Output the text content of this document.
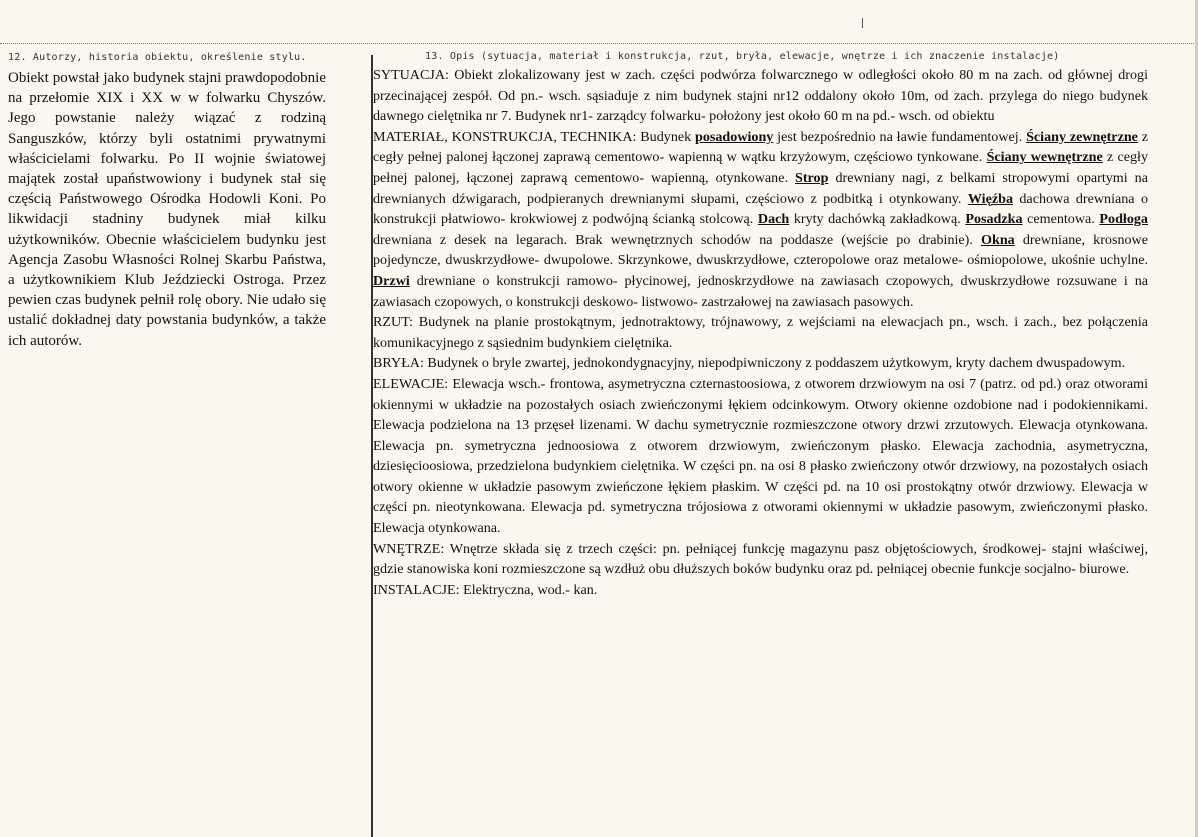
12. Autorzy, historia obiektu, określenie stylu.
Obiekt powstał jako budynek stajni prawdopodobnie na przełomie XIX i XX w w folwarku Chyszów. Jego powstanie należy wiązać z rodziną Sanguszków, którzy byli ostatnimi prywatnymi właścicielami folwarku. Po II wojnie światowej majątek został upaństwowiony i budynek stał się częścią Państwowego Ośrodka Hodowli Koni. Po likwidacji stadniny budynek miał kilku użytkowników. Obecnie właścicielem budynku jest Agencja Zasobu Własności Rolnej Skarbu Państwa, a użytkownikiem Klub Jeździecki Ostroga. Przez pewien czas budynek pełnił rolę obory. Nie udało się ustalić dokładnej daty powstania budynków, a także ich autorów.
13. Opis (sytuacja, materiał i konstrukcja, rzut, bryła, elewacje, wnętrze i ich znaczenie instalacje)

SYTUACJA: Obiekt zlokalizowany jest w zach. części podwórza folwarcznego w odległości około 80 m na zach. od głównej drogi przecinającej zespół. Od pn.- wsch. sąsiaduje z nim budynek stajni nr12 oddalony około 10m, od zach. przylega do niego budynek dawnego cielętnika nr 7. Budynek nr1- zarządcy folwarku- położony jest około 60 m na pd.- wsch. od obiektu

MATERIAŁ, KONSTRUKCJA, TECHNIKA: Budynek posadowiony jest bezpośrednio na ławie fundamentowej. Ściany zewnętrzne z cegły pełnej palonej łączonej zaprawą cementowo- wapienną w wątku krzyżowym, częściowo tynkowane. Ściany wewnętrzne z cegły pełnej palonej, łączonej zaprawą cementowo- wapienną, otynkowane. Strop drewniany nagi, z belkami stropowymi opartymi na drewnianych dźwigarach, podpieranych drewnianymi słupami, częściowo z podbitką i otynkowany. Więźba dachowa drewniana o konstrukcji płatwiowo- krokwiowej z podwójną ścianką stolcową. Dach kryty dachówką zakładkową. Posadzka cementowa. Podłoga drewniana z desek na legarach. Brak wewnętrznych schodów na poddasze (wejście po drabinie). Okna drewniane, krosnowe pojedyncze, dwuskrzydłowe- dwupolowe. Skrzynkowe, dwuskrzydłowe, czteropolowe oraz metalowe- ośmiopolowe, ukośnie uchylne. Drzwi drewniane o konstrukcji ramowo- płycinowej, jednoskrzydłowe na zawiasach czopowych, dwuskrzydłowe rozsuwane i na zawiasach czopowych, o konstrukcji deskowo- listwowo- zastrzałowej na zawiasach pasowych.

RZUT: Budynek na planie prostokątnym, jednotraktowy, trójnawowy, z wejściami na elewacjach pn., wsch. i zach., bez połączenia komunikacyjnego z sąsiednim budynkiem cielętnika.

BRYŁA: Budynek o bryle zwartej, jednokondygnacyjny, niepodpiwniczony z poddaszem użytkowym, kryty dachem dwuspadowym.

ELEWACJE: Elewacja wsch.- frontowa, asymetryczna czternastoosiowa, z otworem drzwiowym na osi 7 (patrz. od pd.) oraz otworami okiennymi w układzie na pozostałych osiach zwieńczonymi łękiem odcinkowym. Otwory okienne ozdobione nad i podokiennikami. Elewacja podzielona na 13 przęseł lizenami. W dachu symetrycznie rozmieszczone otwory drzwi zrzutowych. Elewacja otynkowana. Elewacja pn. symetryczna jednoosiowa z otworem drzwiowym, zwieńczonym płasko. Elewacja zachodnia, asymetryczna, dziesięcioosiowa, przedzielona budynkiem cielętnika. W części pn. na osi 8 płasko zwieńczony otwór drzwiowy, na pozostałych osiach otwory okienne w układzie pasowym zwieńczone łękiem płaskim. W części pd. na 10 osi prostokątny otwór drzwiowy. Elewacja w części pn. nieotynkowana. Elewacja pd. symetryczna trójosiowa z otworami okiennymi w układzie pasowym, zwieńczonymi płasko. Elewacja otynkowana.

WNĘTRZE: Wnętrze składa się z trzech części: pn. pełniącej funkcję magazynu pasz objętościowych, środkowej- stajni właściwej, gdzie stanowiska koni rozmieszczone są wzdłuż obu dłuższych boków budynku oraz pd. pełniącej obecnie funkcje socjalno- biurowe.

INSTALACJE: Elektryczna, wod.- kan.
